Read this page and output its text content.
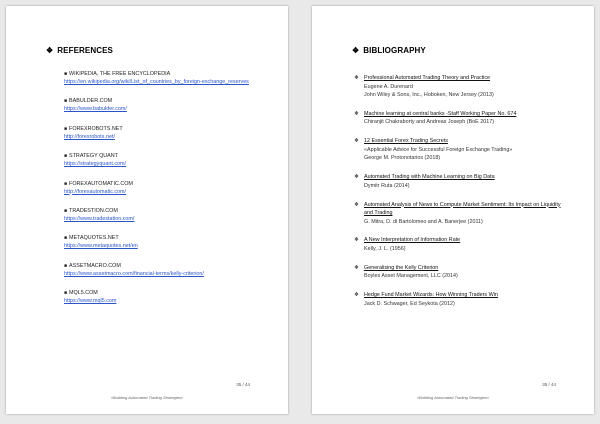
❖ REFERENCES
■ WIKIPEDIA, THE FREE ENCYCLOPEDIA
https://en.wikipedia.org/wiki/List_of_countries_by_foreign-exchange_reserves
■ BABULDER.COM
https://www.babulder.com/
■ FOREXROBOTS.NET
http://forexrobots.net/
■ STRATEGY QUANT
https://strategyquant.com/
■ FOREXAUTOMATIC.COM
http://forexautomatic.com/
■ TRADESTION.COM
https://www.tradestation.com/
■ METAQUOTES.NET
https://www.metaquotes.net/en
■ ASSETMACRO.COM
https://www.assetmacro.com/financial-terms/kelly-criterion/
■ MQL5.COM
https://www.mql5.com
35 / 44
«Building Automated Trading Strategies»
❖ BIBLIOGRAPHY
❖ Professional Automated Trading Theory and Practice
Eugene A. Durenard
John Wiley & Sons, Inc., Hoboken, New Jersey (2013)
❖ Machine learning at central banks -Staff Working Paper No. 674
Chiranjit Chakraborty and Andreas Joseph (BoE 2017)
❖ 12 Essential Forex Trading Secrets
«Applicable Advice for Successful Foreign Exchange Trading»
George M. Protonotarios (2018)
❖ Automated Trading with Machine Learning on Big Data
Dymitr Ruta (2014)
❖ Automated Analysis of News to Compute Market Sentiment: Its Impact on Liquidity and Trading
G. Mitra, D. di Bartolomeo and A. Banerjee (2011)
❖ A New Interpretation of Information Rate
Kelly, J. L. (1956)
❖ Generalising the Kelly Criterion
Boyles Asset Management, LLC (2014)
❖ Hedge Fund Market Wizards: How Winning Traders Win
Jack D. Schwager, Ed Seykota (2012)
35 / 44
«Building Automated Trading Strategies»
